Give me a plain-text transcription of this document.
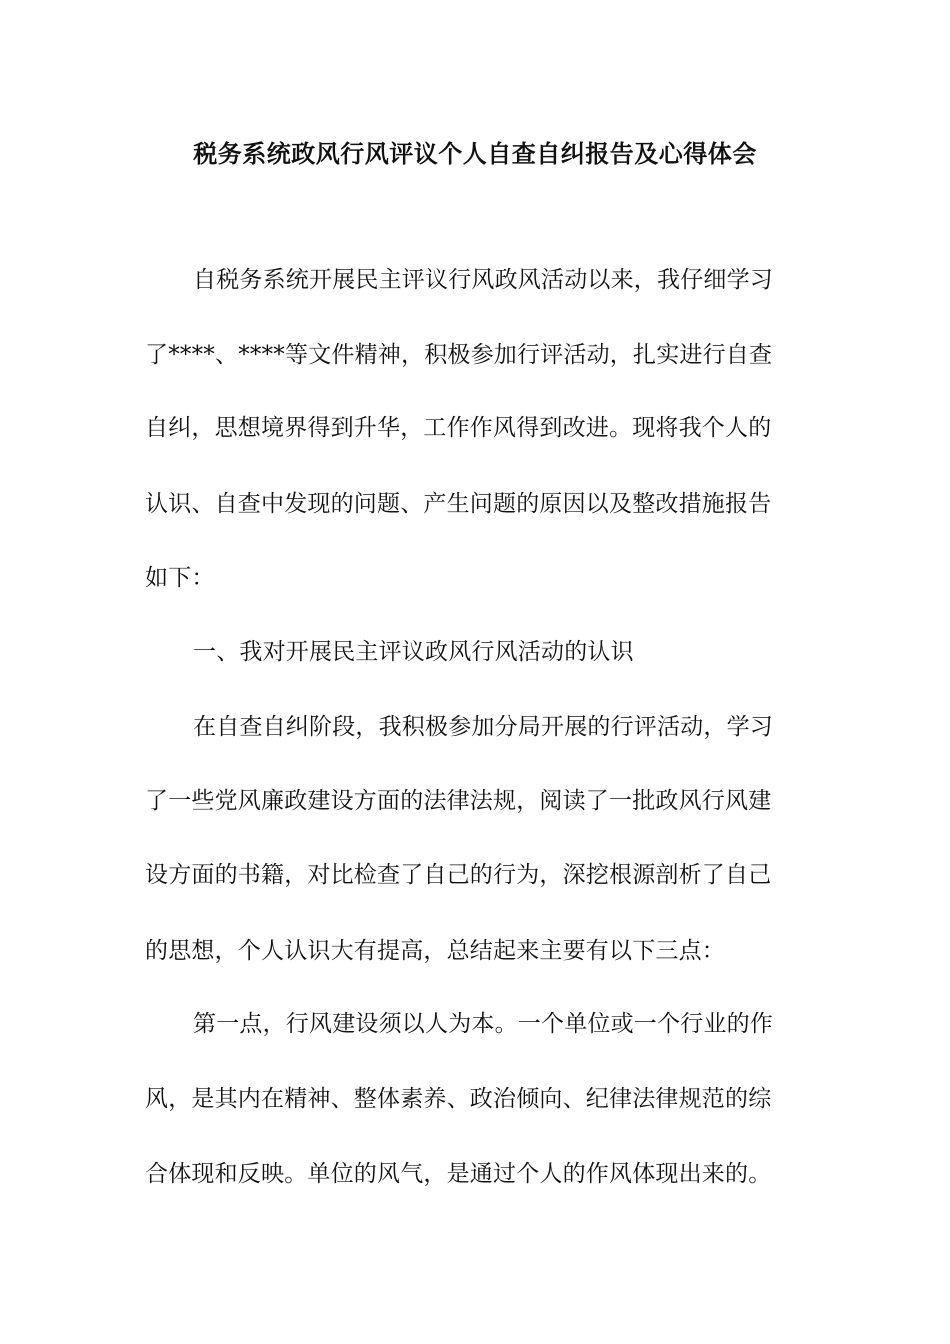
税务系统政风行风评议个人自查自纠报告及心得体会
自税务系统开展民主评议行风政风活动以来，我仔细学习
了****、****等文件精神，积极参加行评活动，扎实进行自查
自纠，思想境界得到升华，工作作风得到改进。现将我个人的
认识、自查中发现的问题、产生问题的原因以及整改措施报告
如下：
一、我对开展民主评议政风行风活动的认识
在自查自纠阶段，我积极参加分局开展的行评活动，学习
了一些党风廉政建设方面的法律法规，阅读了一批政风行风建
设方面的书籍，对比检查了自己的行为，深挖根源剖析了自己
的思想，个人认识大有提高，总结起来主要有以下三点：
第一点，行风建设须以人为本。一个单位或一个行业的作
风，是其内在精神、整体素养、政治倾向、纪律法律规范的综
合体现和反映。单位的风气，是通过个人的作风体现出来的。
